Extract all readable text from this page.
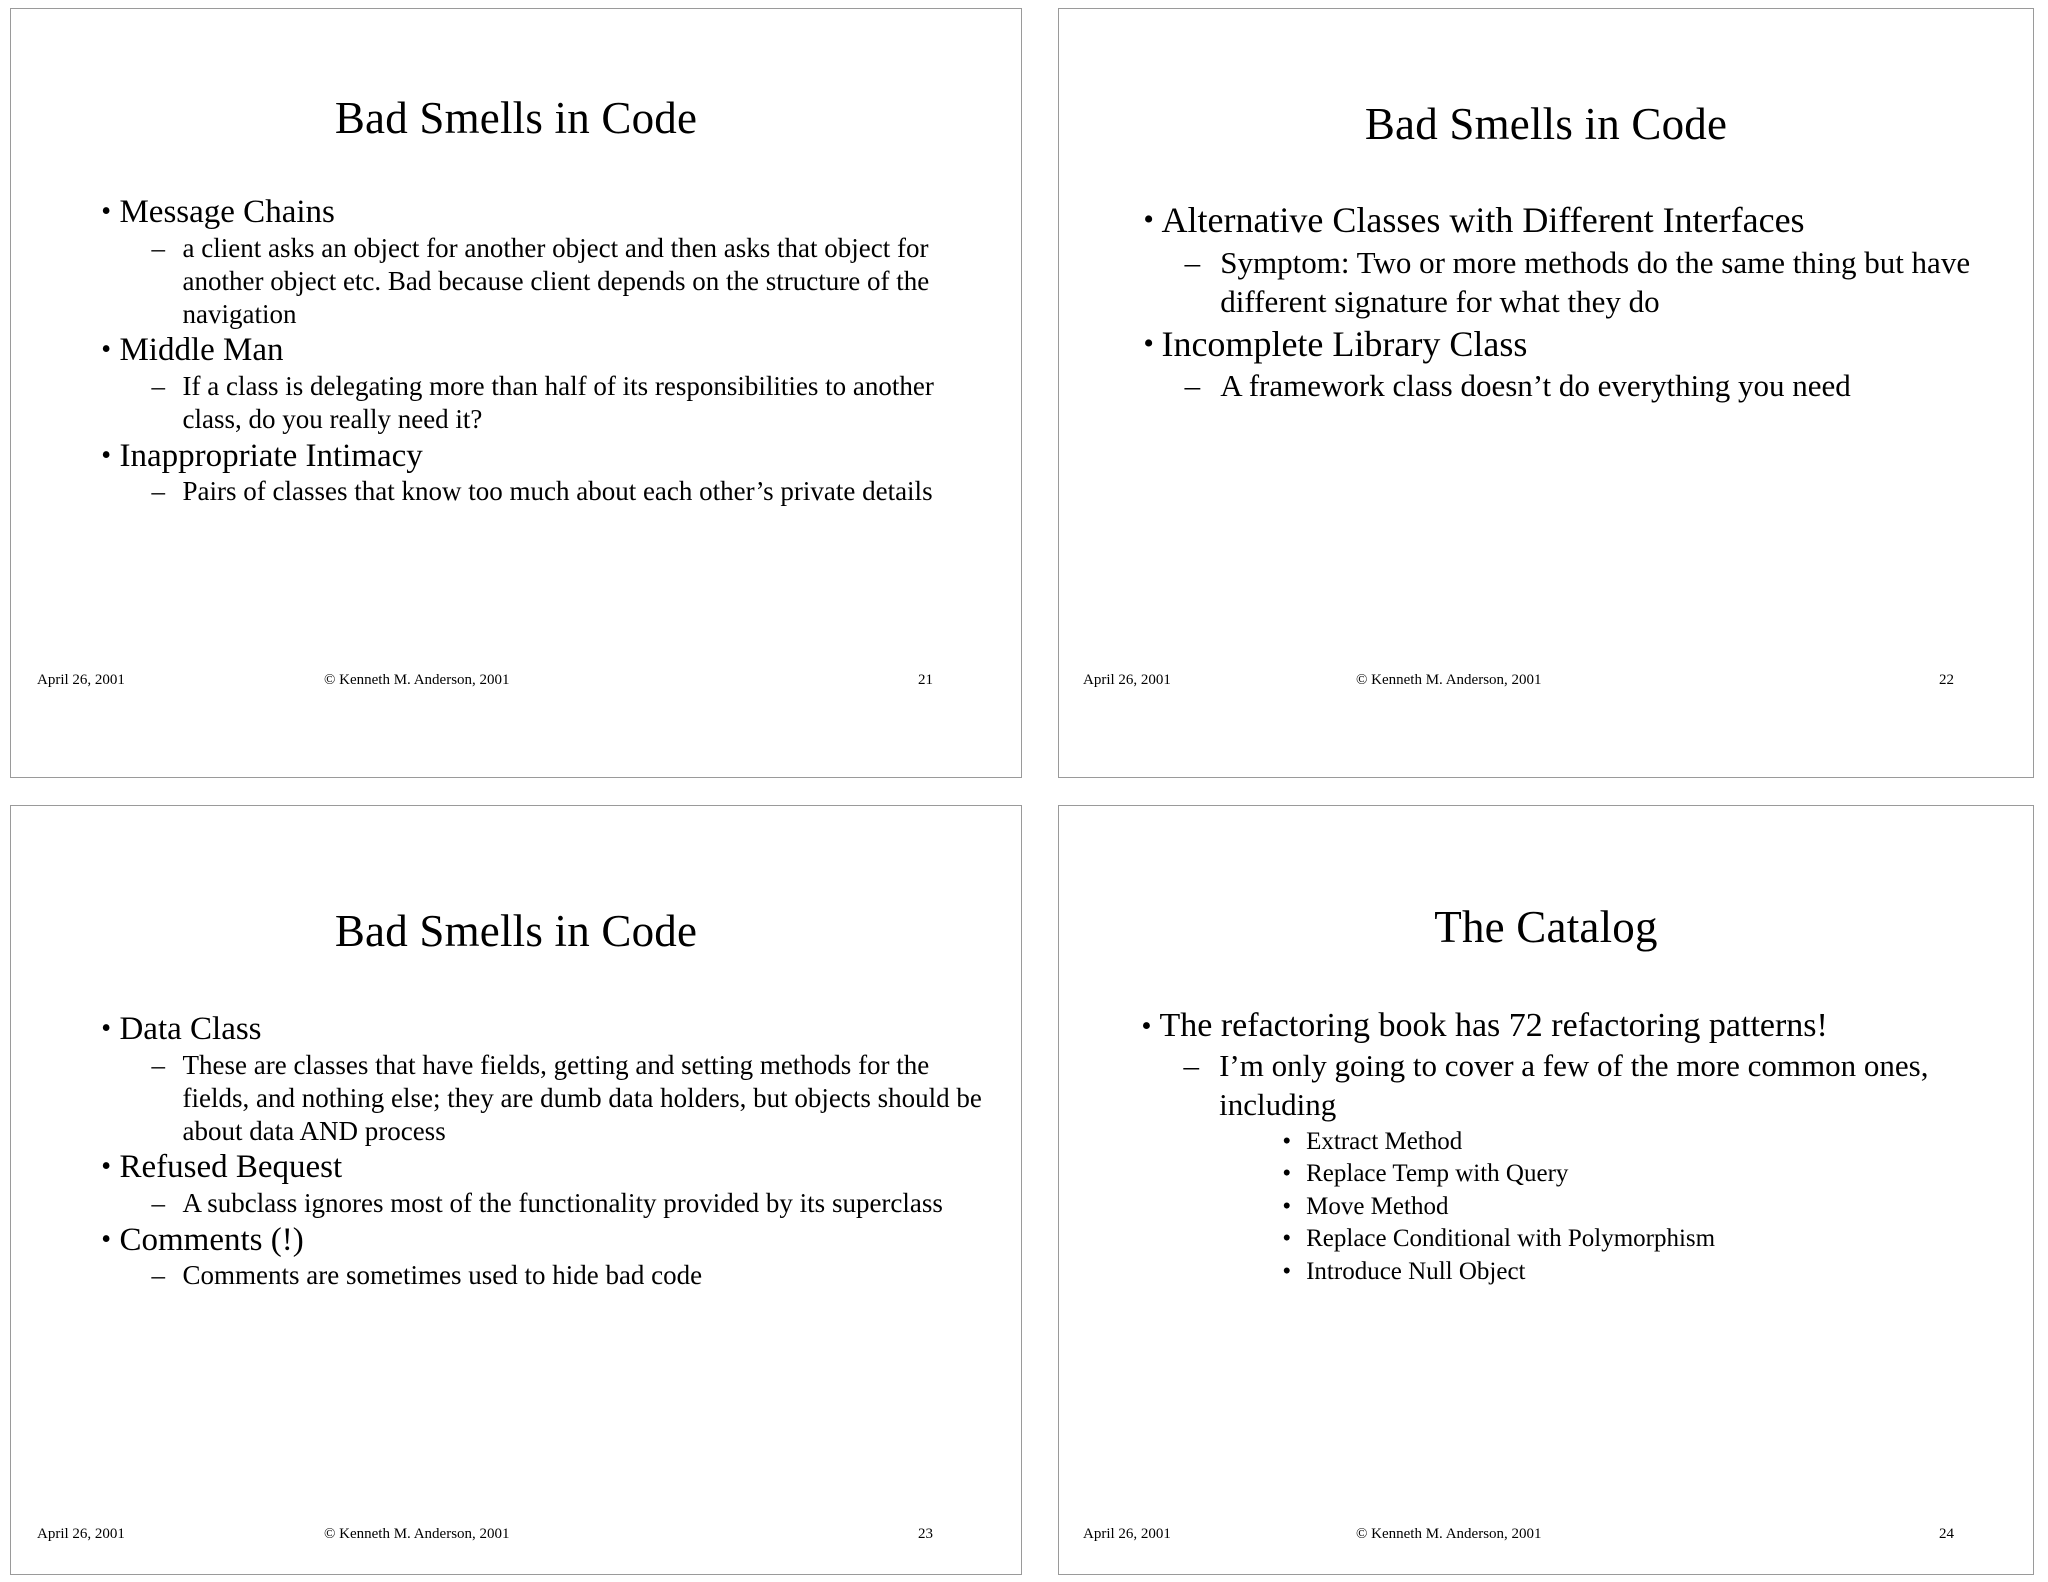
Bad Smells in Code
• Message Chains
– a client asks an object for another object and then asks that object for another object etc. Bad because client depends on the structure of the navigation
• Middle Man
– If a class is delegating more than half of its responsibilities to another class, do you really need it?
• Inappropriate Intimacy
– Pairs of classes that know too much about each other’s private details
April 26, 2001	© Kenneth M. Anderson, 2001	21
Bad Smells in Code
• Alternative Classes with Different Interfaces
– Symptom: Two or more methods do the same thing but have different signature for what they do
• Incomplete Library Class
– A framework class doesn’t do everything you need
April 26, 2001	© Kenneth M. Anderson, 2001	22
Bad Smells in Code
• Data Class
– These are classes that have fields, getting and setting methods for the fields, and nothing else; they are dumb data holders, but objects should be about data AND process
• Refused Bequest
– A subclass ignores most of the functionality provided by its superclass
• Comments (!)
– Comments are sometimes used to hide bad code
April 26, 2001	© Kenneth M. Anderson, 2001	23
The Catalog
• The refactoring book has 72 refactoring patterns!
– I’m only going to cover a few of the more common ones, including
• Extract Method
• Replace Temp with Query
• Move Method
• Replace Conditional with Polymorphism
• Introduce Null Object
April 26, 2001	© Kenneth M. Anderson, 2001	24
